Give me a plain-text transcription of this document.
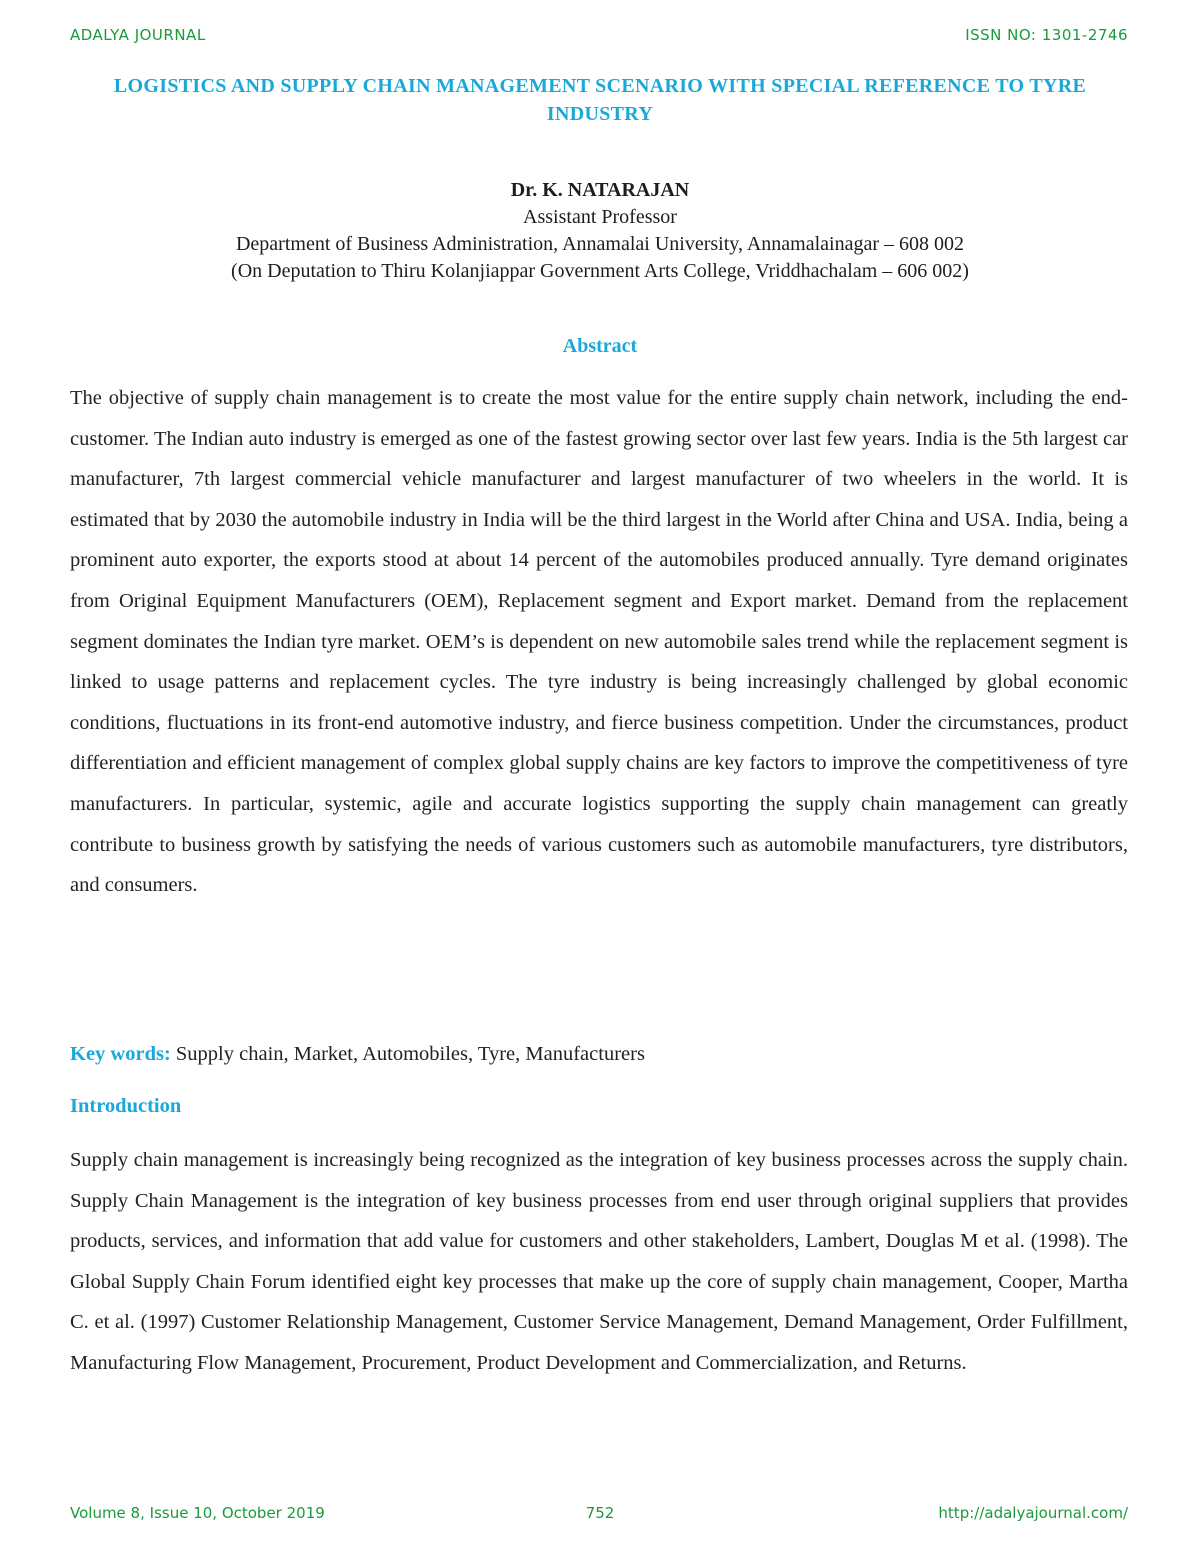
ADALYA JOURNAL	ISSN NO: 1301-2746
LOGISTICS AND SUPPLY CHAIN MANAGEMENT SCENARIO WITH SPECIAL REFERENCE TO TYRE INDUSTRY
Dr. K. NATARAJAN
Assistant Professor
Department of Business Administration, Annamalai University, Annamalainagar – 608 002
(On Deputation to Thiru Kolanjiappar Government Arts College, Vriddhachalam – 606 002)
Abstract

The objective of supply chain management is to create the most value for the entire supply chain network, including the end-customer. The Indian auto industry is emerged as one of the fastest growing sector over last few years. India is the 5th largest car manufacturer, 7th largest commercial vehicle manufacturer and largest manufacturer of two wheelers in the world. It is estimated that by 2030 the automobile industry in India will be the third largest in the World after China and USA. India, being a prominent auto exporter, the exports stood at about 14 percent of the automobiles produced annually. Tyre demand originates from Original Equipment Manufacturers (OEM), Replacement segment and Export market. Demand from the replacement segment dominates the Indian tyre market. OEM’s is dependent on new automobile sales trend while the replacement segment is linked to usage patterns and replacement cycles. The tyre industry is being increasingly challenged by global economic conditions, fluctuations in its front-end automotive industry, and fierce business competition. Under the circumstances, product differentiation and efficient management of complex global supply chains are key factors to improve the competitiveness of tyre manufacturers. In particular, systemic, agile and accurate logistics supporting the supply chain management can greatly contribute to business growth by satisfying the needs of various customers such as automobile manufacturers, tyre distributors, and consumers.

Key words: Supply chain, Market, Automobiles, Tyre, Manufacturers
Introduction

Supply chain management is increasingly being recognized as the integration of key business processes across the supply chain. Supply Chain Management is the integration of key business processes from end user through original suppliers that provides products, services, and information that add value for customers and other stakeholders, Lambert, Douglas M et al. (1998). The Global Supply Chain Forum identified eight key processes that make up the core of supply chain management, Cooper, Martha C. et al. (1997) Customer Relationship Management, Customer Service Management, Demand Management, Order Fulfillment, Manufacturing Flow Management, Procurement, Product Development and Commercialization, and Returns.

Volume 8, Issue 10, October 2019	752	http://adalyajournal.com/
